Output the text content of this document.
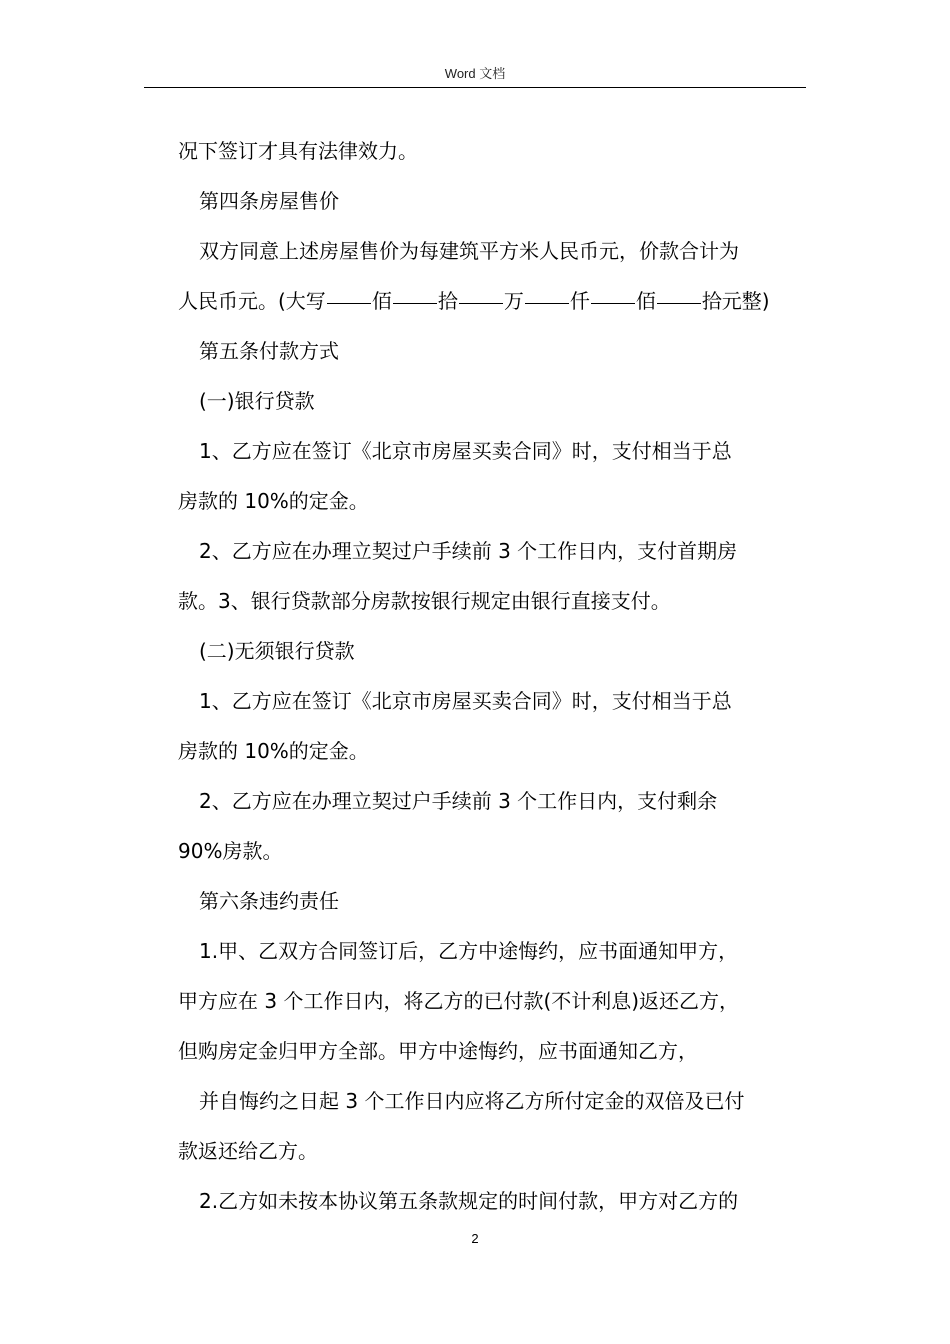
Word 文档
况下签订才具有法律效力。
第四条房屋售价
双方同意上述房屋售价为每建筑平方米人民币元，价款合计为
人民币元。(大写 佰 拾 万 仟 佰 拾元整)
第五条付款方式
(一)银行贷款
1、乙方应在签订《北京市房屋买卖合同》时，支付相当于总
房款的 10%的定金。
2、乙方应在办理立契过户手续前 3 个工作日内，支付首期房
款。3、银行贷款部分房款按银行规定由银行直接支付。
(二)无须银行贷款
1、乙方应在签订《北京市房屋买卖合同》时，支付相当于总
房款的 10%的定金。
2、乙方应在办理立契过户手续前 3 个工作日内，支付剩余
90%房款。
第六条违约责任
1.甲、乙双方合同签订后，乙方中途悔约，应书面通知甲方，
甲方应在 3 个工作日内，将乙方的已付款(不计利息)返还乙方，
但购房定金归甲方全部。甲方中途悔约，应书面通知乙方，
并自悔约之日起 3 个工作日内应将乙方所付定金的双倍及已付
款返还给乙方。
2.乙方如未按本协议第五条款规定的时间付款，甲方对乙方的
2
